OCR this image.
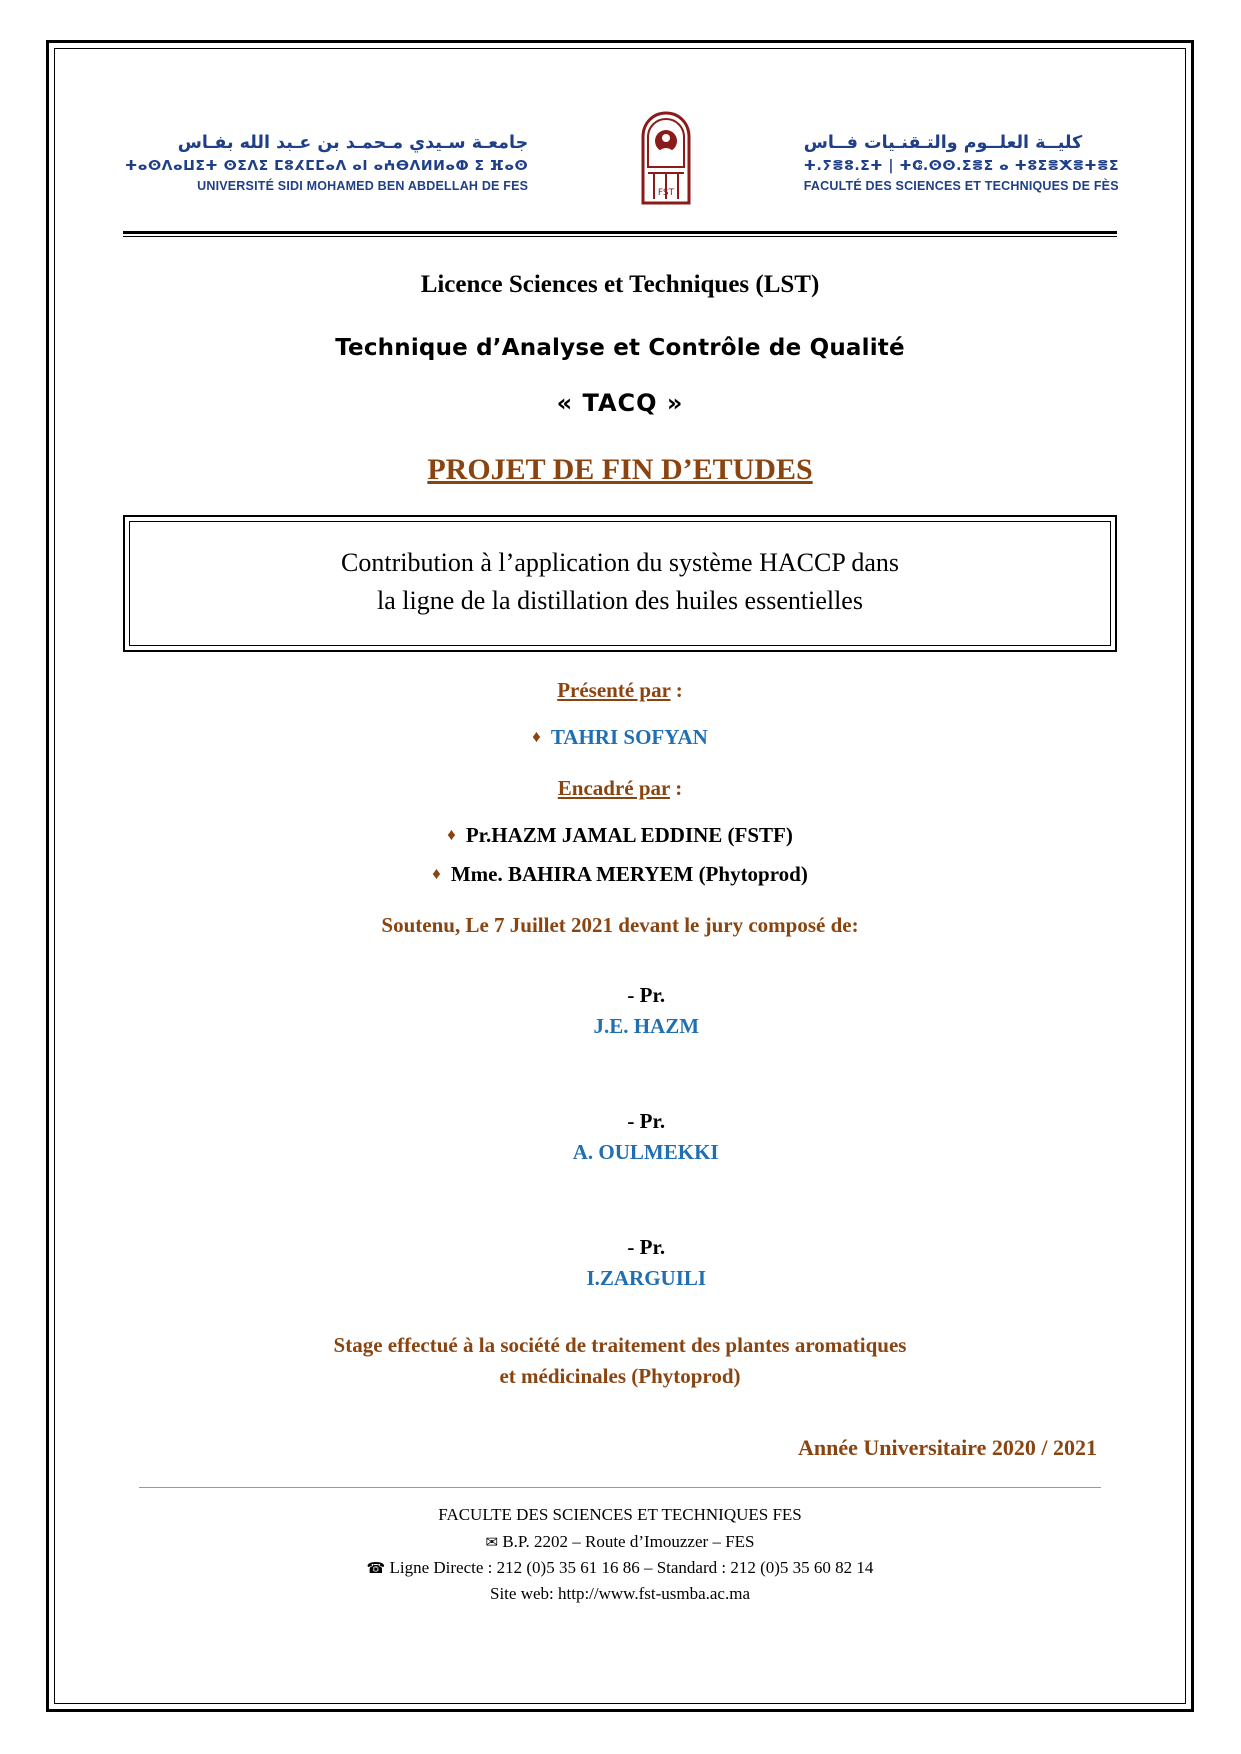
جامعـة سـيدي مـحمـد بن عـبد الله بفـاس
ⵜⴰⵙⴷⴰⵡⵉⵜ ⵙⵉⴷⵉ ⵎⵓⵃⵎⵎⴰⴷ ⴰⵏ ⴰⵄⴱⴷⵍⵍⴰⵀ ⵉ ⴼⴰⵙ
UNIVERSITÉ SIDI MOHAMED BEN ABDELLAH DE FES
FST
كليــة العلــوم والتـقنـيات فــاس
ⵜ.ⵢⴻⵓ.ⵉⵜ | ⵜⵛ.ⵙⵙ.ⵉⴻⵉ ⴰ ⵜⵓⵉⴻⵅⴻⵜⴻⵉ
FACULTÉ DES SCIENCES ET TECHNIQUES DE FÈS
Licence Sciences et Techniques (LST)
Technique d’Analyse et Contrôle de Qualité
« TACQ »
PROJET DE FIN D’ETUDES
Contribution à l’application du système HACCP dans
la ligne de la distillation des huiles essentielles
Présenté par :
♦ TAHRI SOFYAN
Encadré par :
♦ Pr.HAZM JAMAL EDDINE (FSTF)
♦ Mme. BAHIRA MERYEM (Phytoprod)
Soutenu, Le 7 Juillet 2021 devant le jury composé de:

- Pr.
J.E. HAZM

- Pr.
A. OULMEKKI

- Pr.
I.ZARGUILI

Stage effectué à la société de traitement des plantes aromatiques
et médicinales (Phytoprod)
Année Universitaire 2020 / 2021
FACULTE DES SCIENCES ET TECHNIQUES FES
✉ B.P. 2202 – Route d’Imouzzer – FES
☎ Ligne Directe : 212 (0)5 35 61 16 86 – Standard : 212 (0)5 35 60 82 14
Site web: http://www.fst-usmba.ac.ma
